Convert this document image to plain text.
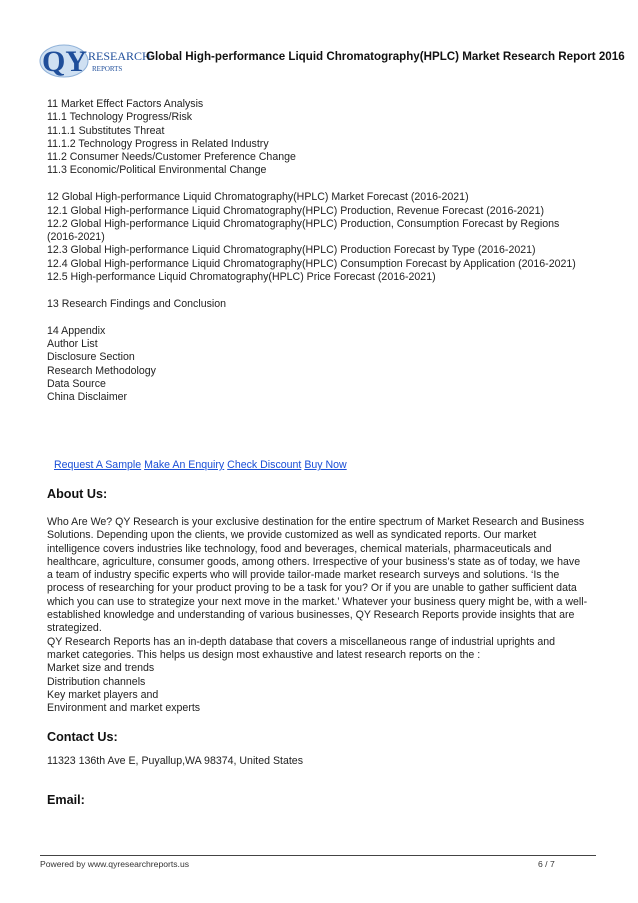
QY RESEARCH
REPORTS
Global High-performance Liquid Chromatography(HPLC) Market Research Report 2016
11 Market Effect Factors Analysis
11.1 Technology Progress/Risk
11.1.1 Substitutes Threat
11.1.2 Technology Progress in Related Industry
11.2 Consumer Needs/Customer Preference Change
11.3 Economic/Political Environmental Change
12 Global High-performance Liquid Chromatography(HPLC) Market Forecast (2016-2021)
12.1 Global High-performance Liquid Chromatography(HPLC) Production, Revenue Forecast (2016-2021)
12.2 Global High-performance Liquid Chromatography(HPLC) Production, Consumption Forecast by Regions
(2016-2021)
12.3 Global High-performance Liquid Chromatography(HPLC) Production Forecast by Type (2016-2021)
12.4 Global High-performance Liquid Chromatography(HPLC) Consumption Forecast by Application (2016-2021)
12.5 High-performance Liquid Chromatography(HPLC) Price Forecast (2016-2021)
13 Research Findings and Conclusion
14 Appendix
Author List
Disclosure Section
Research Methodology
Data Source
China Disclaimer
Request A Sample Make An Enquiry Check Discount Buy Now
About Us:
Who Are We? QY Research is your exclusive destination for the entire spectrum of Market Research and Business
Solutions. Depending upon the clients, we provide customized as well as syndicated reports. Our market
intelligence covers industries like technology, food and beverages, chemical materials, pharmaceuticals and
healthcare, agriculture, consumer goods, among others. Irrespective of your business’s state as of today, we have
a team of industry specific experts who will provide tailor-made market research surveys and solutions. ‘Is the
process of researching for your product proving to be a task for you? Or if you are unable to gather sufficient data
which you can use to strategize your next move in the market.’ Whatever your business query might be, with a well-
established knowledge and understanding of various businesses, QY Research Reports provide insights that are
strategized.
QY Research Reports has an in-depth database that covers a miscellaneous range of industrial uprights and
market categories. This helps us design most exhaustive and latest research reports on the :
Market size and trends
Distribution channels
Key market players and
Environment and market experts
Contact Us:
11323 136th Ave E, Puyallup,WA 98374, United States
Email:
Powered by www.qyresearchreports.us	6 / 7
